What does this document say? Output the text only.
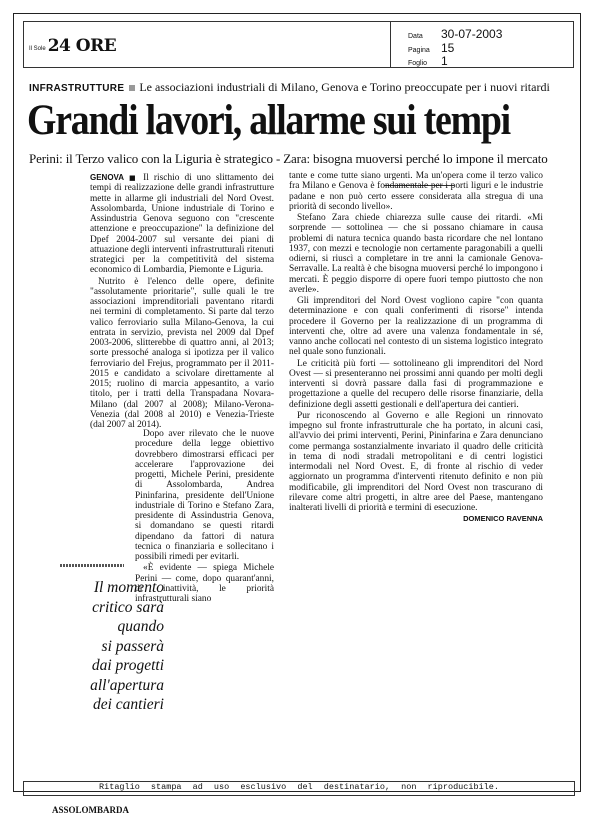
Il Sole 24 ORE	Data	30-07-2003
Pagina 15
Foglio	1
INFRASTRUTTURE Le associazioni industriali di Milano, Genova e Torino preoccupate per i nuovi ritardi
Grandi lavori, allarme sui tempi
Perini: il Terzo valico con la Liguria è strategico - Zara: bisogna muoversi perché lo impone il mercato

GENOVA ■ Il rischio di uno slittamento dei tempi di realizzazione delle grandi infrastrutture mette in allarme gli industriali del Nord Ovest. Assolombarda, Unione industriale di Torino e Assindustria Genova seguono con "crescente attenzione e preoccupazione" la definizione del Dpef 2004-2007 sul versante dei piani di attuazione degli interventi infrastrutturali ritenuti strategici per la competitività del sistema economico di Lombardia, Piemonte e Liguria.

Nutrito è l'elenco delle opere, definite "assolutamente prioritarie", sulle quali le tre associazioni imprenditoriali paventano ritardi nei termini di completamento. Si parte dal terzo valico ferroviario sulla Milano-Genova, la cui entrata in servizio, prevista nel 2009 dal Dpef 2003-2006, slitterebbe di quattro anni, al 2013; sorte pressoché analoga si ipotizza per il valico ferroviario del Frejus, programmato per il 2011-2015 e candidato a scivolare direttamente al 2015; ruolino di marcia appesantito, a vario titolo, per i tratti della Transpadana Novara-Milano (dal 2007 al 2008); Milano-Verona-Venezia (dal 2008 al 2010) e Venezia-Trieste (dal 2007 al 2014).

Dopo aver rilevato che le nuove procedure della legge obiettivo dovrebbero dimostrarsi efficaci per accelerare l'approvazione dei progetti, Michele Perini, presidente di Assolombarda, Andrea Pininfarina, presidente dell'Unione industriale di Torino e Stefano Zara, presidente di Assindustria Genova, si domandano se questi ritardi dipendano da fattori di natura tecnica o finanziaria e sollecitano i possibili rimedi per evitarli.

«È evidente — spiega Michele Perini — come, dopo quarant'anni, di inattività, le priorità infrastrutturali siano

tante e come tutte siano urgenti. Ma un'opera come il terzo valico fra Milano e Genova è fondamentale per i porti liguri e le industrie padane e non può certo essere considerata alla stregua di una priorità di secondo livello».

Stefano Zara chiede chiarezza sulle cause dei ritardi. «Mi sorprende — sottolinea — che si possano chiamare in causa problemi di natura tecnica quando basta ricordare che nel lontano 1937, con mezzi e tecnologie non certamente paragonabili a quelli odierni, si riuscì a completare in tre anni la camionale Genova-Serravalle. La realtà è che bisogna muoversi perché lo impongono i mercati. È peggio disporre di opere fuori tempo piuttosto che non averle».

Gli imprenditori del Nord Ovest vogliono capire "con quanta determinazione e con quali conferimenti di risorse" intenda procedere il Governo per la realizzazione di un programma di interventi che, oltre ad avere una valenza fondamentale in sé, vanno anche collocati nel contesto di un sistema logistico integrato nel quale sono funzionali.

Le criticità più forti — sottolineano gli imprenditori del Nord Ovest — si presenteranno nei prossimi anni quando per molti degli interventi si dovrà passare dalla fasi di programmazione e progettazione a quelle del recupero delle risorse finanziarie, della definizione degli assetti gestionali e dell'apertura dei cantieri.

Pur riconoscendo al Governo e alle Regioni un rinnovato impegno sul fronte infrastrutturale che ha portato, in alcuni casi, all'avvio dei primi interventi, Perini, Pininfarina e Zara denunciano come permanga sostanzialmente invariato il quadro delle criticità in tema di nodi stradali metropolitani e di centri logistici intermodali nel Nord Ovest. E, di fronte al rischio di veder aggiornato un programma d'interventi ritenuto definito e non più modificabile, gli imprenditori del Nord Ovest non trascurano di rilevare come altri progetti, in altre aree del Paese, mantengano inalterati livelli di priorità e termini di esecuzione.

DOMENICO RAVENNA
Il momento
critico sarà
quando
si passerà
dai progetti
all'apertura
dei cantieri
Ritaglio stampa ad uso esclusivo del destinatario, non riproducibile.
ASSOLOMBARDA
